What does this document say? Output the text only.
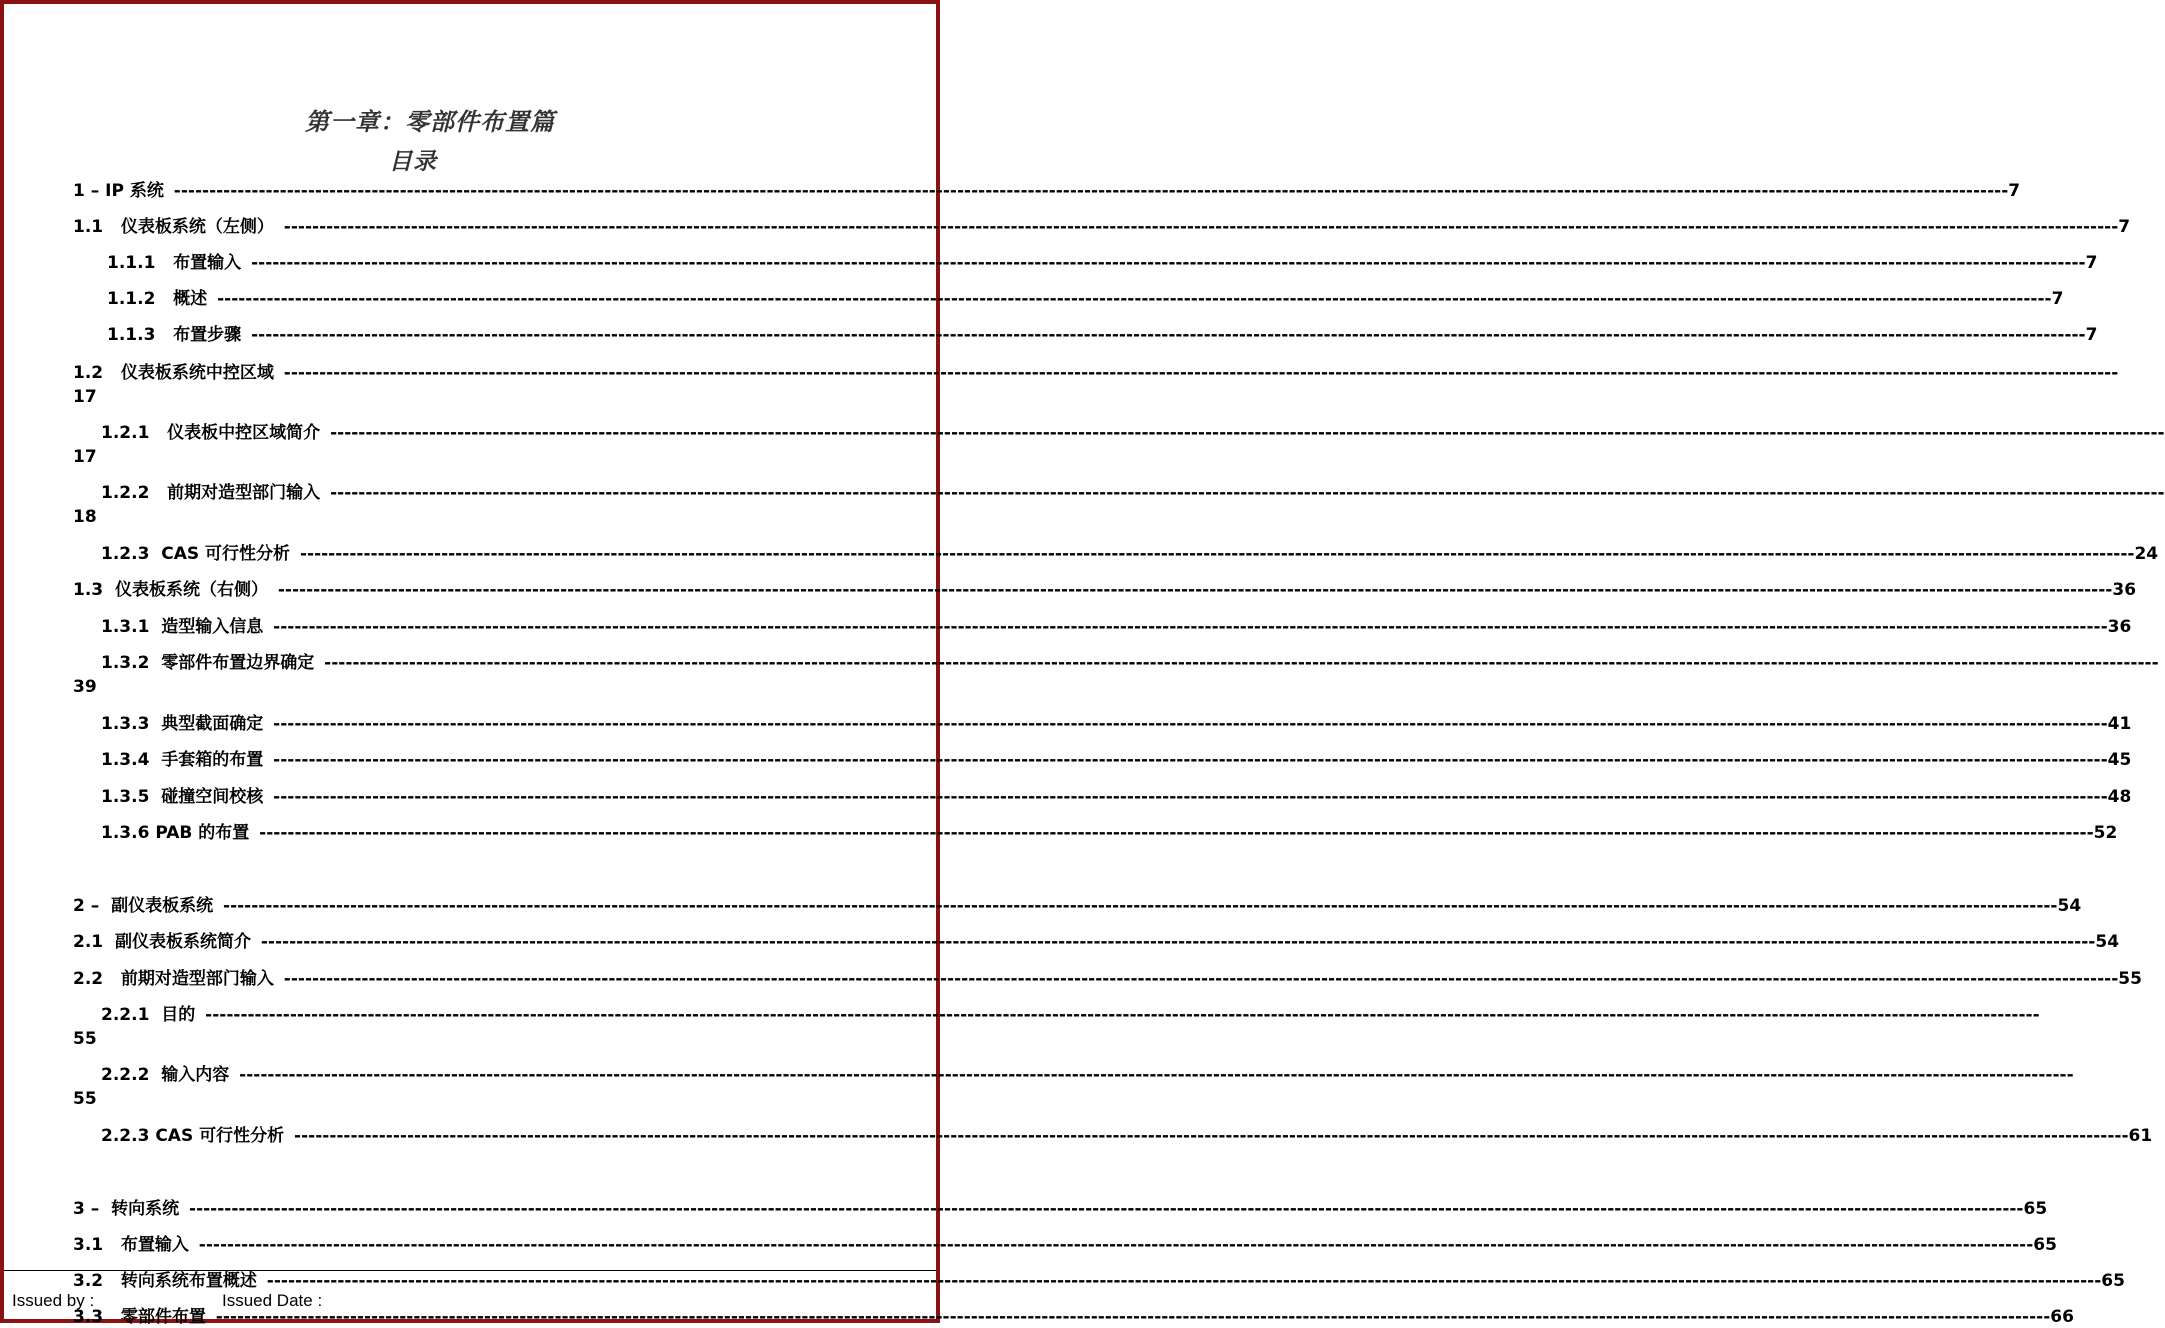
第一章：零部件布置篇
目录
1 – IP 系统 -------------------------------------------------------------------------------------------------------------------------------------------------------------------------------------------------------------------------------------------------------------------- 7
1.1   仪表板系统（左侧） -------------------------------------------------------------------------------------------------------------------------------------------------------------------------------------------------------------------------------------------------------------------- 7
1.1.1   布置输入 -------------------------------------------------------------------------------------------------------------------------------------------------------------------------------------------------------------------------------------------------------------------- 7
1.1.2   概述 -------------------------------------------------------------------------------------------------------------------------------------------------------------------------------------------------------------------------------------------------------------------- 7
1.1.3   布置步骤 -------------------------------------------------------------------------------------------------------------------------------------------------------------------------------------------------------------------------------------------------------------------- 7
1.2   仪表板系统中控区域 --------------------------------------------------------------------------------------------------------------------------------------------------------------------------------------------------------------------------------------------------------------------
17
1.2.1   仪表板中控区域简介 --------------------------------------------------------------------------------------------------------------------------------------------------------------------------------------------------------------------------------------------------------------------
17
1.2.2   前期对造型部门输入 --------------------------------------------------------------------------------------------------------------------------------------------------------------------------------------------------------------------------------------------------------------------
18
1.2.3  CAS 可行性分析 -------------------------------------------------------------------------------------------------------------------------------------------------------------------------------------------------------------------------------------------------------------------- 24
1.3  仪表板系统（右侧） -------------------------------------------------------------------------------------------------------------------------------------------------------------------------------------------------------------------------------------------------------------------- 36
1.3.1  造型输入信息 -------------------------------------------------------------------------------------------------------------------------------------------------------------------------------------------------------------------------------------------------------------------- 36
1.3.2  零部件布置边界确定 --------------------------------------------------------------------------------------------------------------------------------------------------------------------------------------------------------------------------------------------------------------------
39
1.3.3  典型截面确定 -------------------------------------------------------------------------------------------------------------------------------------------------------------------------------------------------------------------------------------------------------------------- 41
1.3.4  手套箱的布置 -------------------------------------------------------------------------------------------------------------------------------------------------------------------------------------------------------------------------------------------------------------------- 45
1.3.5  碰撞空间校核 -------------------------------------------------------------------------------------------------------------------------------------------------------------------------------------------------------------------------------------------------------------------- 48
1.3.6 PAB 的布置 -------------------------------------------------------------------------------------------------------------------------------------------------------------------------------------------------------------------------------------------------------------------- 52
2 –  副仪表板系统 -------------------------------------------------------------------------------------------------------------------------------------------------------------------------------------------------------------------------------------------------------------------- 54
2.1  副仪表板系统简介 -------------------------------------------------------------------------------------------------------------------------------------------------------------------------------------------------------------------------------------------------------------------- 54
2.2   前期对造型部门输入 -------------------------------------------------------------------------------------------------------------------------------------------------------------------------------------------------------------------------------------------------------------------- 55
2.2.1  目的 --------------------------------------------------------------------------------------------------------------------------------------------------------------------------------------------------------------------------------------------------------------------
55
2.2.2  输入内容 --------------------------------------------------------------------------------------------------------------------------------------------------------------------------------------------------------------------------------------------------------------------
55
2.2.3 CAS 可行性分析 -------------------------------------------------------------------------------------------------------------------------------------------------------------------------------------------------------------------------------------------------------------------- 61
3 –  转向系统 -------------------------------------------------------------------------------------------------------------------------------------------------------------------------------------------------------------------------------------------------------------------- 65
3.1   布置输入 -------------------------------------------------------------------------------------------------------------------------------------------------------------------------------------------------------------------------------------------------------------------- 65
3.2   转向系统布置概述 -------------------------------------------------------------------------------------------------------------------------------------------------------------------------------------------------------------------------------------------------------------------- 65
3.3   零部件布置 -------------------------------------------------------------------------------------------------------------------------------------------------------------------------------------------------------------------------------------------------------------------- 66
Issued by :	Issued Date :
